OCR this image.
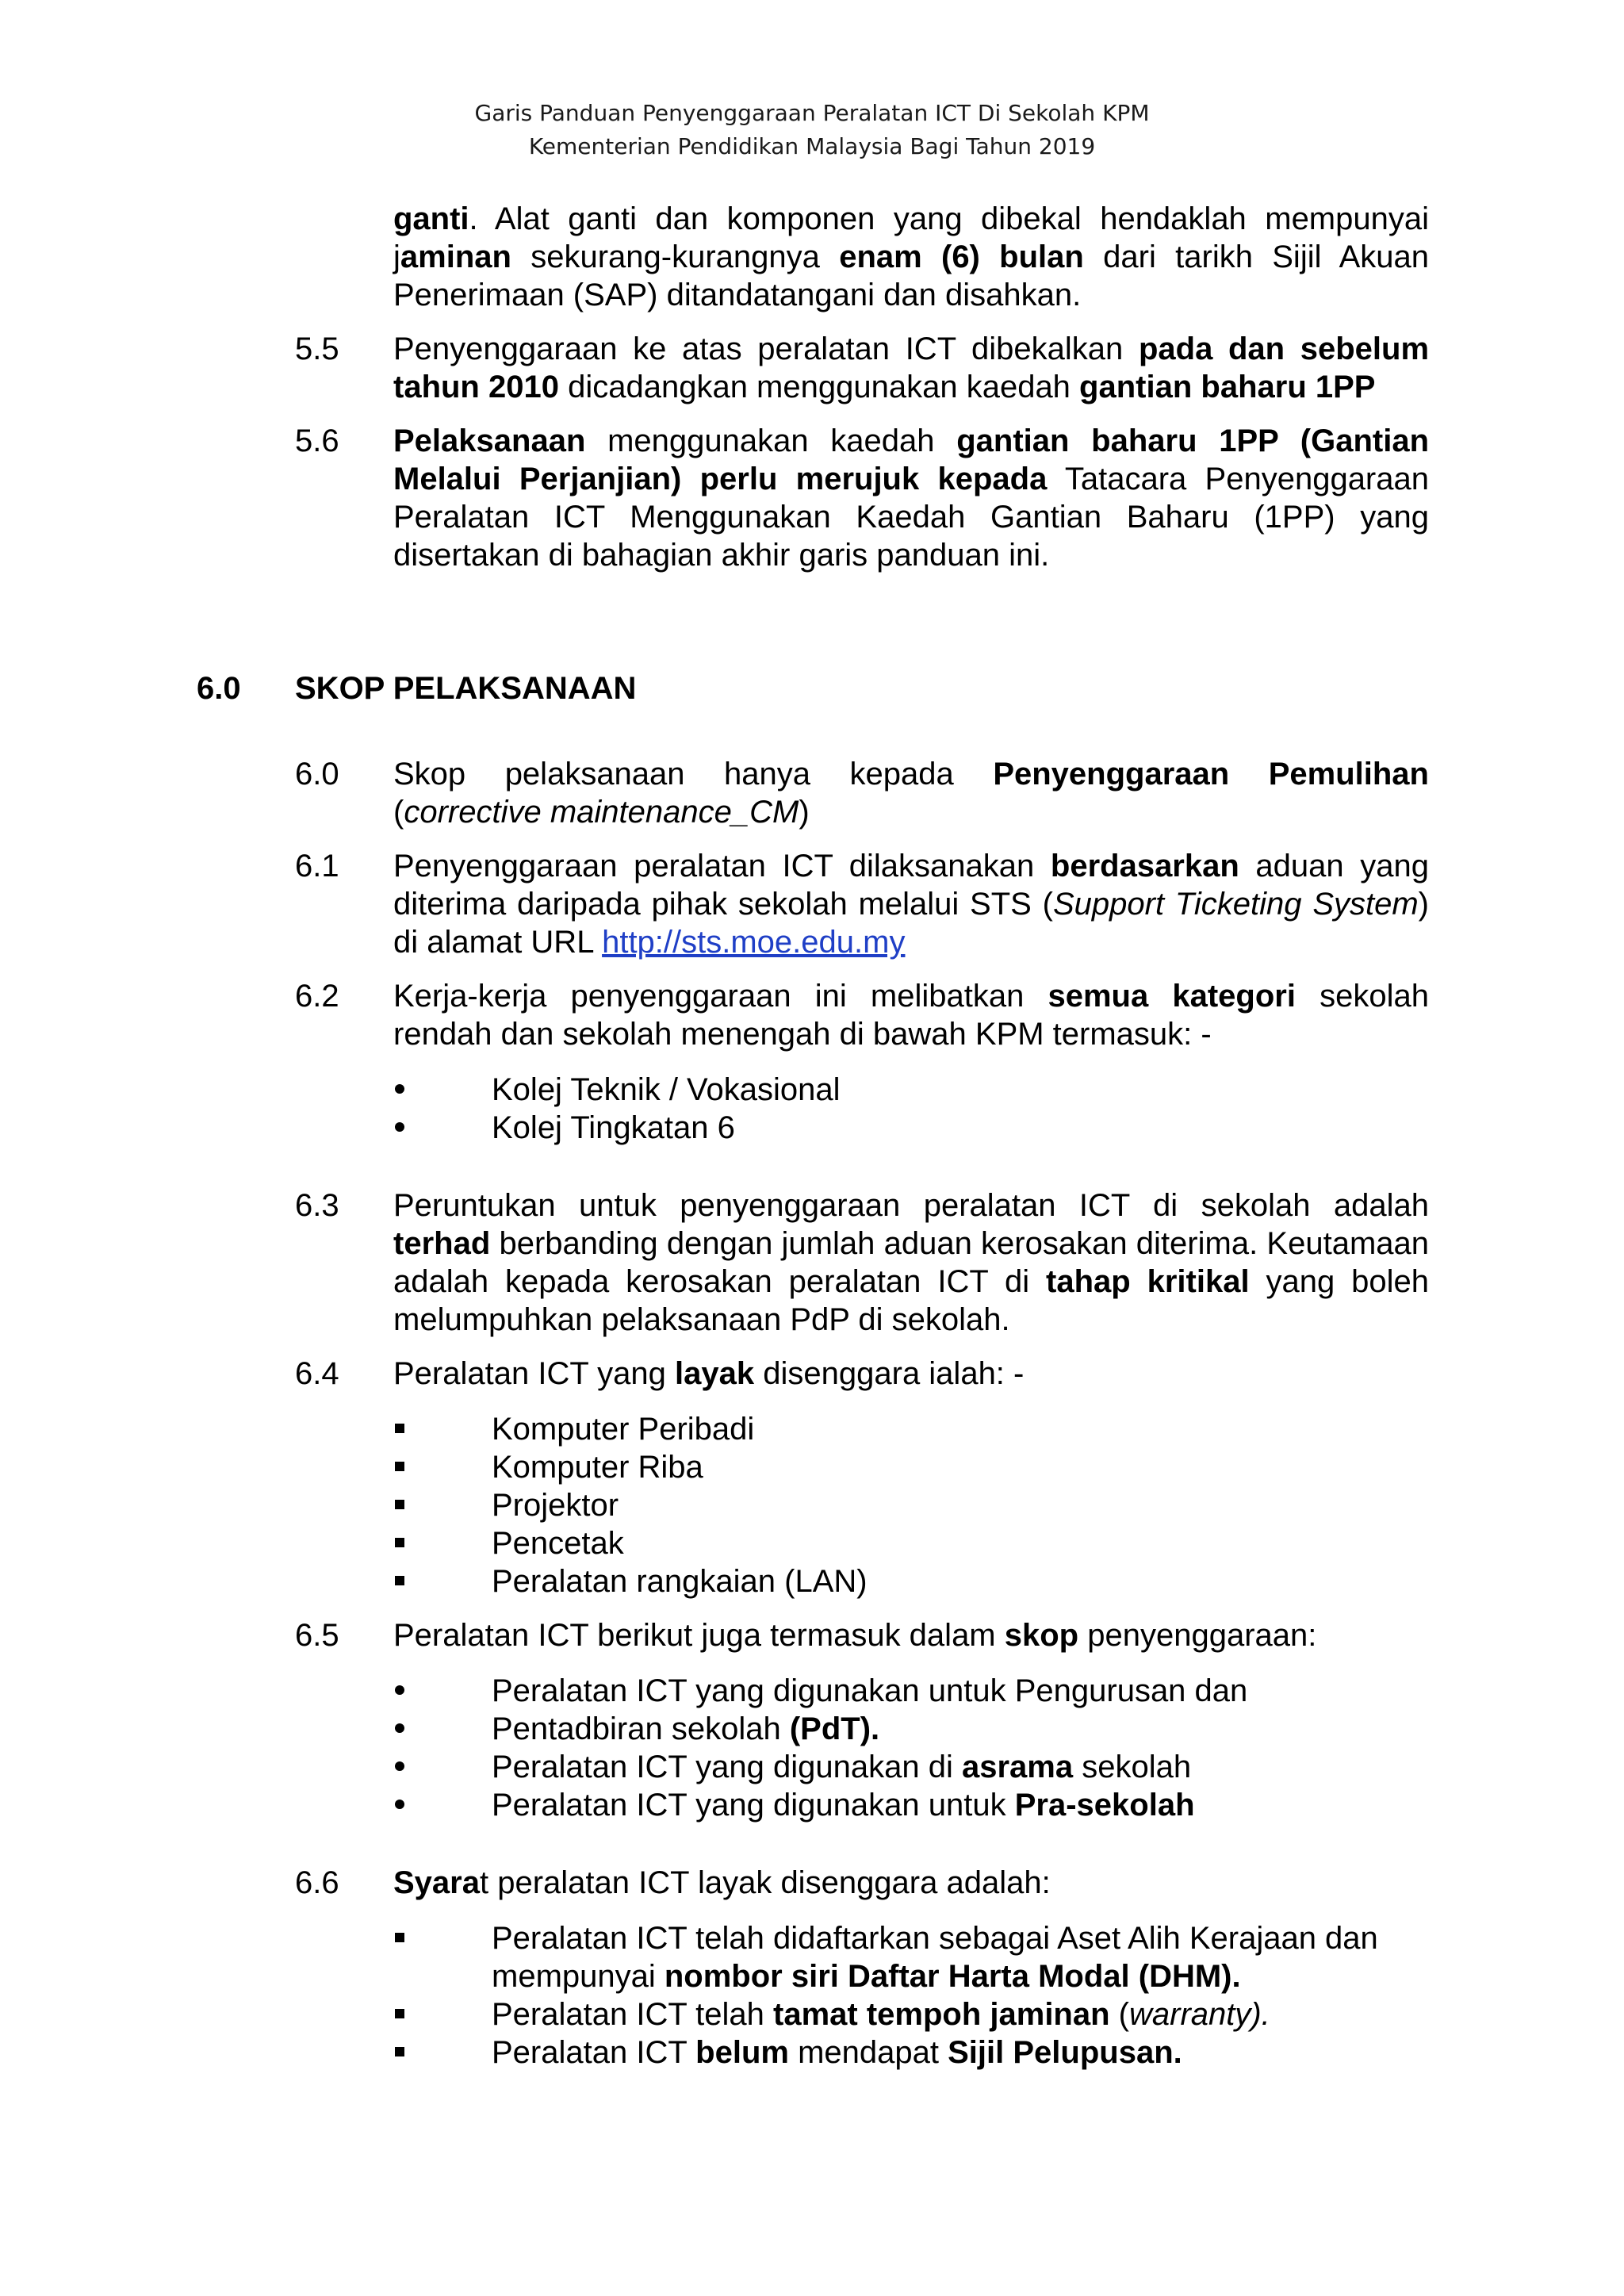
Garis Panduan Penyenggaraan Peralatan ICT Di Sekolah KPM
Kementerian Pendidikan Malaysia Bagi Tahun 2019

ganti. Alat ganti dan komponen yang dibekal hendaklah mempunyai jaminan sekurang-kurangnya enam (6) bulan dari tarikh Sijil Akuan Penerimaan (SAP) ditandatangani dan disahkan.

5.5 Penyenggaraan ke atas peralatan ICT dibekalkan pada dan sebelum tahun 2010 dicadangkan menggunakan kaedah gantian baharu 1PP

5.6 Pelaksanaan menggunakan kaedah gantian baharu 1PP (Gantian Melalui Perjanjian) perlu merujuk kepada Tatacara Penyenggaraan Peralatan ICT Menggunakan Kaedah Gantian Baharu (1PP) yang disertakan di bahagian akhir garis panduan ini.

6.0 SKOP PELAKSANAAN
6.0 Skop pelaksanaan hanya kepada Penyenggaraan Pemulihan (corrective maintenance_CM)

6.1 Penyenggaraan peralatan ICT dilaksanakan berdasarkan aduan yang diterima daripada pihak sekolah melalui STS (Support Ticketing System) di alamat URL http://sts.moe.edu.my

6.2 Kerja-kerja penyenggaraan ini melibatkan semua kategori sekolah rendah dan sekolah menengah di bawah KPM termasuk: -

Kolej Teknik / Vokasional
Kolej Tingkatan 6
6.3 Peruntukan untuk penyenggaraan peralatan ICT di sekolah adalah terhad berbanding dengan jumlah aduan kerosakan diterima. Keutamaan adalah kepada kerosakan peralatan ICT di tahap kritikal yang boleh melumpuhkan pelaksanaan PdP di sekolah.

6.4 Peralatan ICT yang layak disenggara ialah: -

Komputer Peribadi
Komputer Riba
Projektor
Pencetak
Peralatan rangkaian (LAN)
6.5 Peralatan ICT berikut juga termasuk dalam skop penyenggaraan:

Peralatan ICT yang digunakan untuk Pengurusan dan
Pentadbiran sekolah (PdT).
Peralatan ICT yang digunakan di asrama sekolah
Peralatan ICT yang digunakan untuk Pra-sekolah
6.6 Syarat peralatan ICT layak disenggara adalah:

Peralatan ICT telah didaftarkan sebagai Aset Alih Kerajaan dan mempunyai nombor siri Daftar Harta Modal (DHM).
Peralatan ICT telah tamat tempoh jaminan (warranty).
Peralatan ICT belum mendapat Sijil Pelupusan.
